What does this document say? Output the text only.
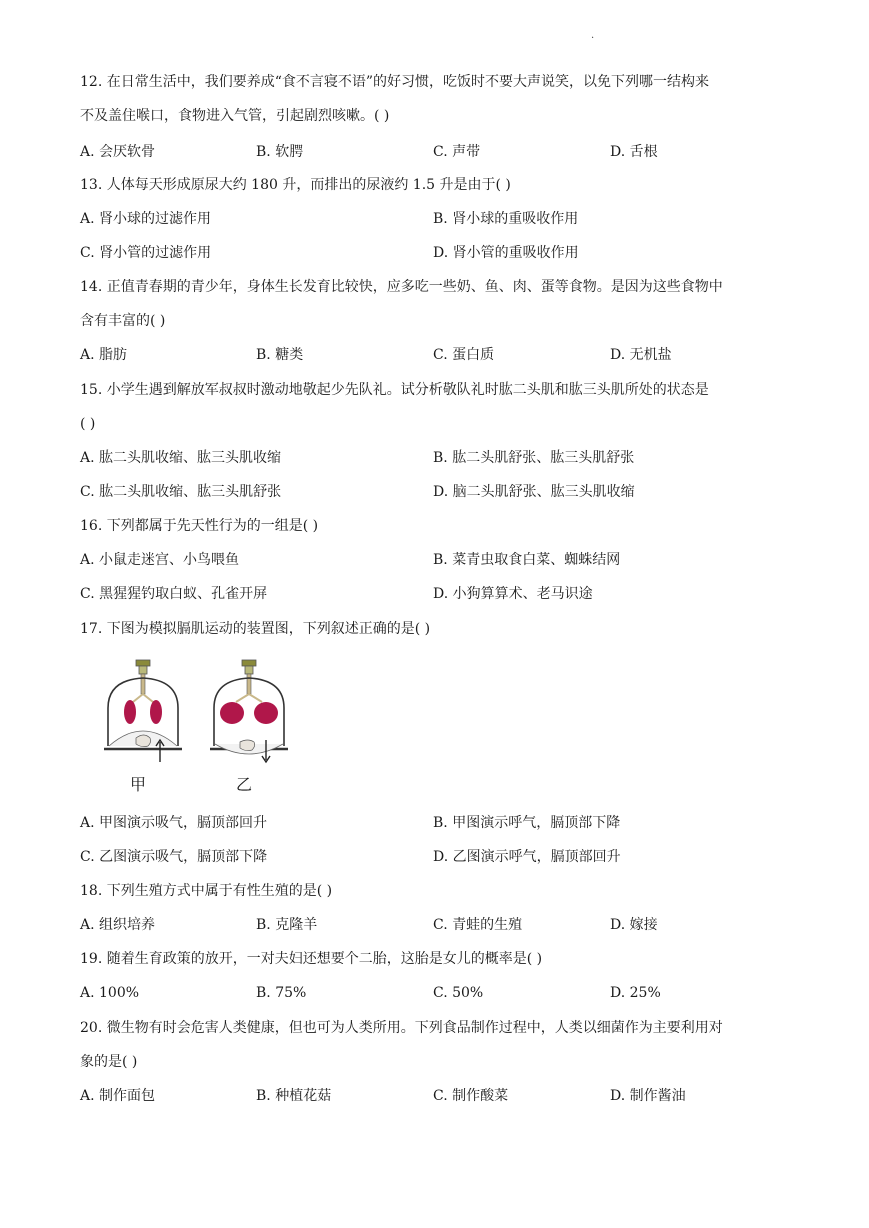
.
12. 在日常生活中，我们要养成“食不言寝不语”的好习惯，吃饭时不要大声说笑，以免下列哪一结构来
不及盖住喉口，食物进入气管，引起剧烈咳嗽。( )
A. 会厌软骨	B. 软腭	C. 声带	D. 舌根
13. 人体每天形成原尿大约 180 升，而排出的尿液约 1.5 升是由于( )
A. 肾小球的过滤作用	B. 肾小球的重吸收作用
C. 肾小管的过滤作用	D. 肾小管的重吸收作用
14. 正值青春期的青少年，身体生长发育比较快，应多吃一些奶、鱼、肉、蛋等食物。是因为这些食物中
含有丰富的( )
A. 脂肪	B. 糖类	C. 蛋白质	D. 无机盐
15. 小学生遇到解放军叔叔时激动地敬起少先队礼。试分析敬队礼时肱二头肌和肱三头肌所处的状态是
( )
A. 肱二头肌收缩、肱三头肌收缩	B. 肱二头肌舒张、肱三头肌舒张
C. 肱二头肌收缩、肱三头肌舒张	D. 脑二头肌舒张、肱三头肌收缩
16. 下列都属于先天性行为的一组是( )
A. 小鼠走迷宫、小鸟喂鱼	B. 菜青虫取食白菜、蜘蛛结网
C. 黑猩猩钓取白蚁、孔雀开屏	D. 小狗算算术、老马识途
17. 下图为模拟膈肌运动的装置图，下列叙述正确的是( )
甲	乙
A. 甲图演示吸气，膈顶部回升	B. 甲图演示呼气，膈顶部下降
C. 乙图演示吸气，膈顶部下降	D. 乙图演示呼气，膈顶部回升
18. 下列生殖方式中属于有性生殖的是( )
A. 组织培养	B. 克隆羊	C. 青蛙的生殖	D. 嫁接
19. 随着生育政策的放开，一对夫妇还想要个二胎，这胎是女儿的概率是( )
A. 100%	B. 75%	C. 50%	D. 25%
20. 微生物有时会危害人类健康，但也可为人类所用。下列食品制作过程中，人类以细菌作为主要利用对
象的是( )
A. 制作面包	B. 种植花菇	C. 制作酸菜	D. 制作酱油
